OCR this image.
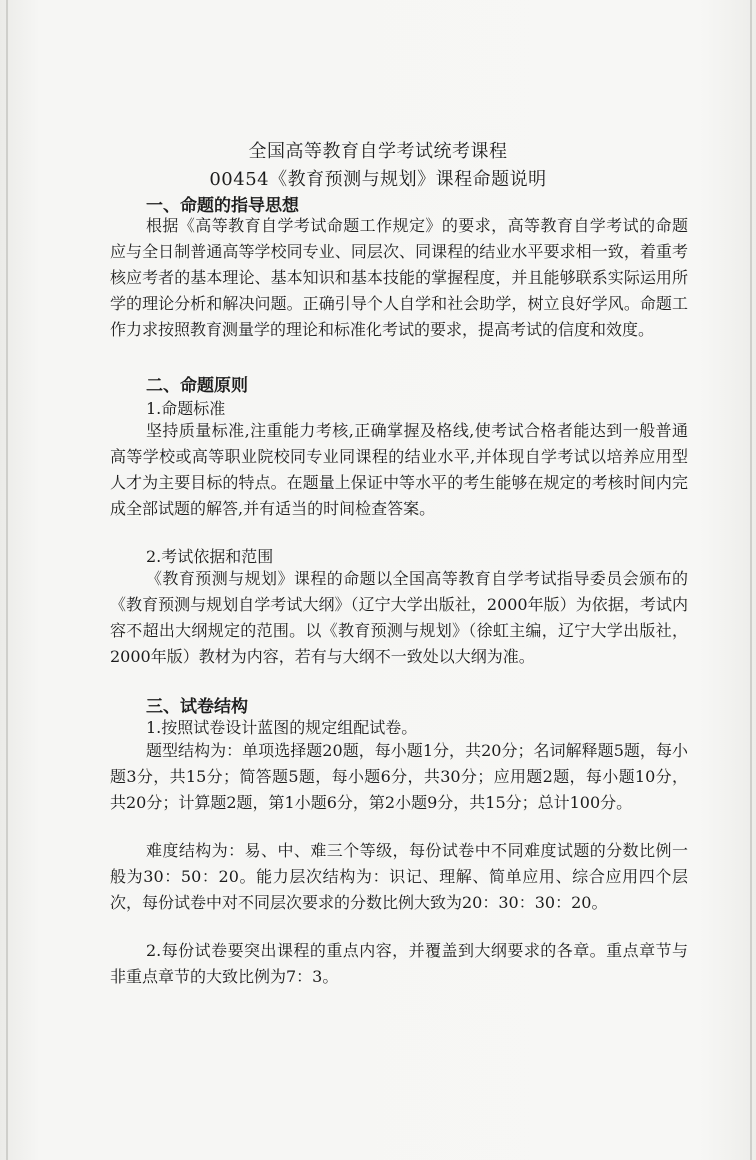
全国高等教育自学考试统考课程
00454《教育预测与规划》课程命题说明
一、命题的指导思想

根据《高等教育自学考试命题工作规定》的要求，高等教育自学考试的命题应与全日制普通高等学校同专业、同层次、同课程的结业水平要求相一致，着重考核应考者的基本理论、基本知识和基本技能的掌握程度，并且能够联系实际运用所学的理论分析和解决问题。正确引导个人自学和社会助学，树立良好学风。命题工作力求按照教育测量学的理论和标准化考试的要求，提高考试的信度和效度。

二、命题原则
1.命题标准

坚持质量标准,注重能力考核,正确掌握及格线,使考试合格者能达到一般普通高等学校或高等职业院校同专业同课程的结业水平,并体现自学考试以培养应用型人才为主要目标的特点。在题量上保证中等水平的考生能够在规定的考核时间内完成全部试题的解答,并有适当的时间检查答案。

2.考试依据和范围

《教育预测与规划》课程的命题以全国高等教育自学考试指导委员会颁布的《教育预测与规划自学考试大纲》（辽宁大学出版社，2000年版）为依据，考试内容不超出大纲规定的范围。以《教育预测与规划》（徐虹主编，辽宁大学出版社，2000年版）教材为内容，若有与大纲不一致处以大纲为准。

三、试卷结构
1.按照试卷设计蓝图的规定组配试卷。

题型结构为：单项选择题20题，每小题1分，共20分；名词解释题5题，每小题3分，共15分；简答题5题，每小题6分，共30分；应用题2题，每小题10分，共20分；计算题2题，第1小题6分，第2小题9分，共15分；总计100分。

难度结构为：易、中、难三个等级，每份试卷中不同难度试题的分数比例一般为30：50：20。能力层次结构为：识记、理解、简单应用、综合应用四个层次，每份试卷中对不同层次要求的分数比例大致为20：30：30：20。

2.每份试卷要突出课程的重点内容，并覆盖到大纲要求的各章。重点章节与非重点章节的大致比例为7：3。
